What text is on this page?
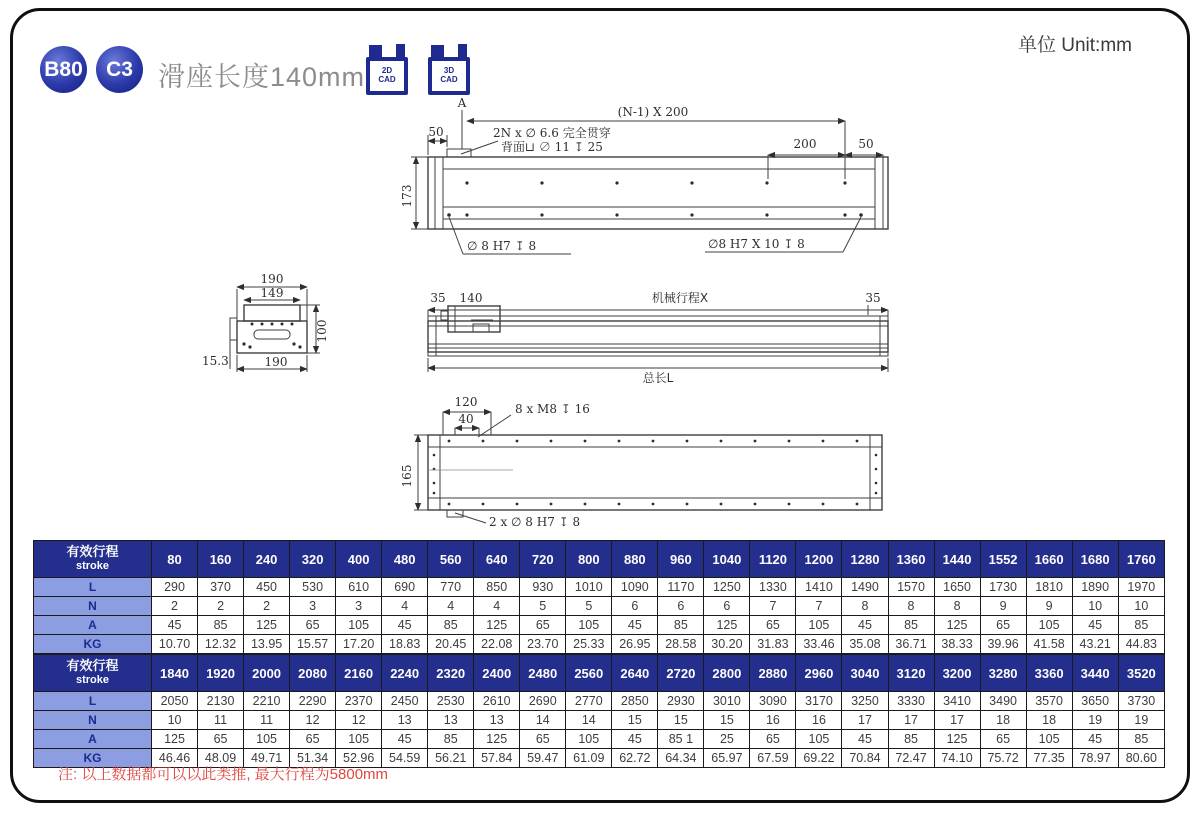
B80	C3 滑座长度140mm 2D
CAD
3D
CAD
单位 Unit:mm
A
(N-1) X 200
50	2N x ∅ 6.6 完全贯穿
背面⊔ ∅ 11 ↧ 25	200	50
173
∅ 8 H7 ↧ 8	∅8 H7 X 10 ↧ 8
190
149
100
15.3	190
35 140	机械行程X	35
总长L
120
40
8 x M8 ↧ 16
165
2 x ∅ 8 H7 ↧ 8
有效行程
stroke	80	160	240	320	400	480	560	640	720	800	880	960	1040	1120	1200	1280	1360	1440	1552	1660	1680	1760
L	290	370	450	530	610	690	770	850	930	1010	1090	1170	1250	1330	1410	1490	1570	1650	1730	1810	1890	1970
N	2	2	2	3	3	4	4	4	5	5	6	6	6	7	7	8	8	8	9	9	10	10
A	45	85	125	65	105	45	85	125	65	105	45	85	125	65	105	45	85	125	65	105	45	85
KG	10.70	12.32	13.95	15.57	17.20	18.83	20.45	22.08	23.70	25.33	26.95	28.58	30.20	31.83	33.46	35.08	36.71	38.33	39.96	41.58	43.21	44.83
有效行程
stroke	1840	1920	2000	2080	2160	2240	2320	2400	2480	2560	2640	2720	2800	2880	2960	3040	3120	3200	3280	3360	3440	3520
L	2050	2130	2210	2290	2370	2450	2530	2610	2690	2770	2850	2930	3010	3090	3170	3250	3330	3410	3490	3570	3650	3730
N	10	11	11	12	12	13	13	13	14	14	15	15	15	16	16	17	17	17	18	18	19	19
A	125	65	105	65	105	45	85	125	65	105	45	85 1	25	65	105	45	85	125	65	105	45	85
KG	46.46	48.09	49.71	51.34	52.96	54.59	56.21	57.84	59.47	61.09	62.72	64.34	65.97	67.59	69.22	70.84	72.47	74.10	75.72	77.35	78.97	80.60
注: 以上数据都可以以此类推, 最大行程为5800mm
